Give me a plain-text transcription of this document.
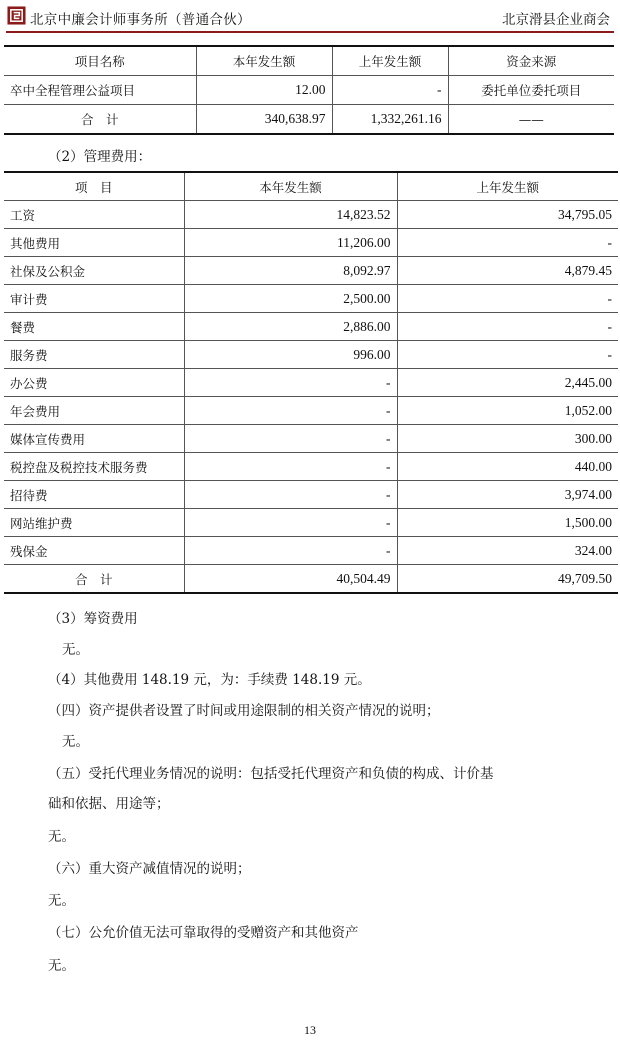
北京中廉会计师事务所（普通合伙）	北京滑县企业商会
项目名称	本年发生额	上年发生额	资金来源
卒中全程管理公益项目	12.00	-	委托单位委托项目
合　计	340,638.97	1,332,261.16	——
（2）管理费用：
项　目	本年发生额	上年发生额
工资	14,823.52	34,795.05
其他费用	11,206.00	-
社保及公积金	8,092.97	4,879.45
审计费	2,500.00	-
餐费	2,886.00	-
服务费	996.00	-
办公费	-	2,445.00
年会费用	-	1,052.00
媒体宣传费用	-	300.00
税控盘及税控技术服务费	-	440.00
招待费	-	3,974.00
网站维护费	-	1,500.00
残保金	-	324.00
合　计	40,504.49	49,709.50
（3）筹资费用
无。
（4）其他费用 148.19 元，为：手续费 148.19 元。
（四）资产提供者设置了时间或用途限制的相关资产情况的说明；
无。
（五）受托代理业务情况的说明：包括受托代理资产和负债的构成、计价基
础和依据、用途等；
无。
（六）重大资产减值情况的说明；
无。
（七）公允价值无法可靠取得的受赠资产和其他资产
无。
13
